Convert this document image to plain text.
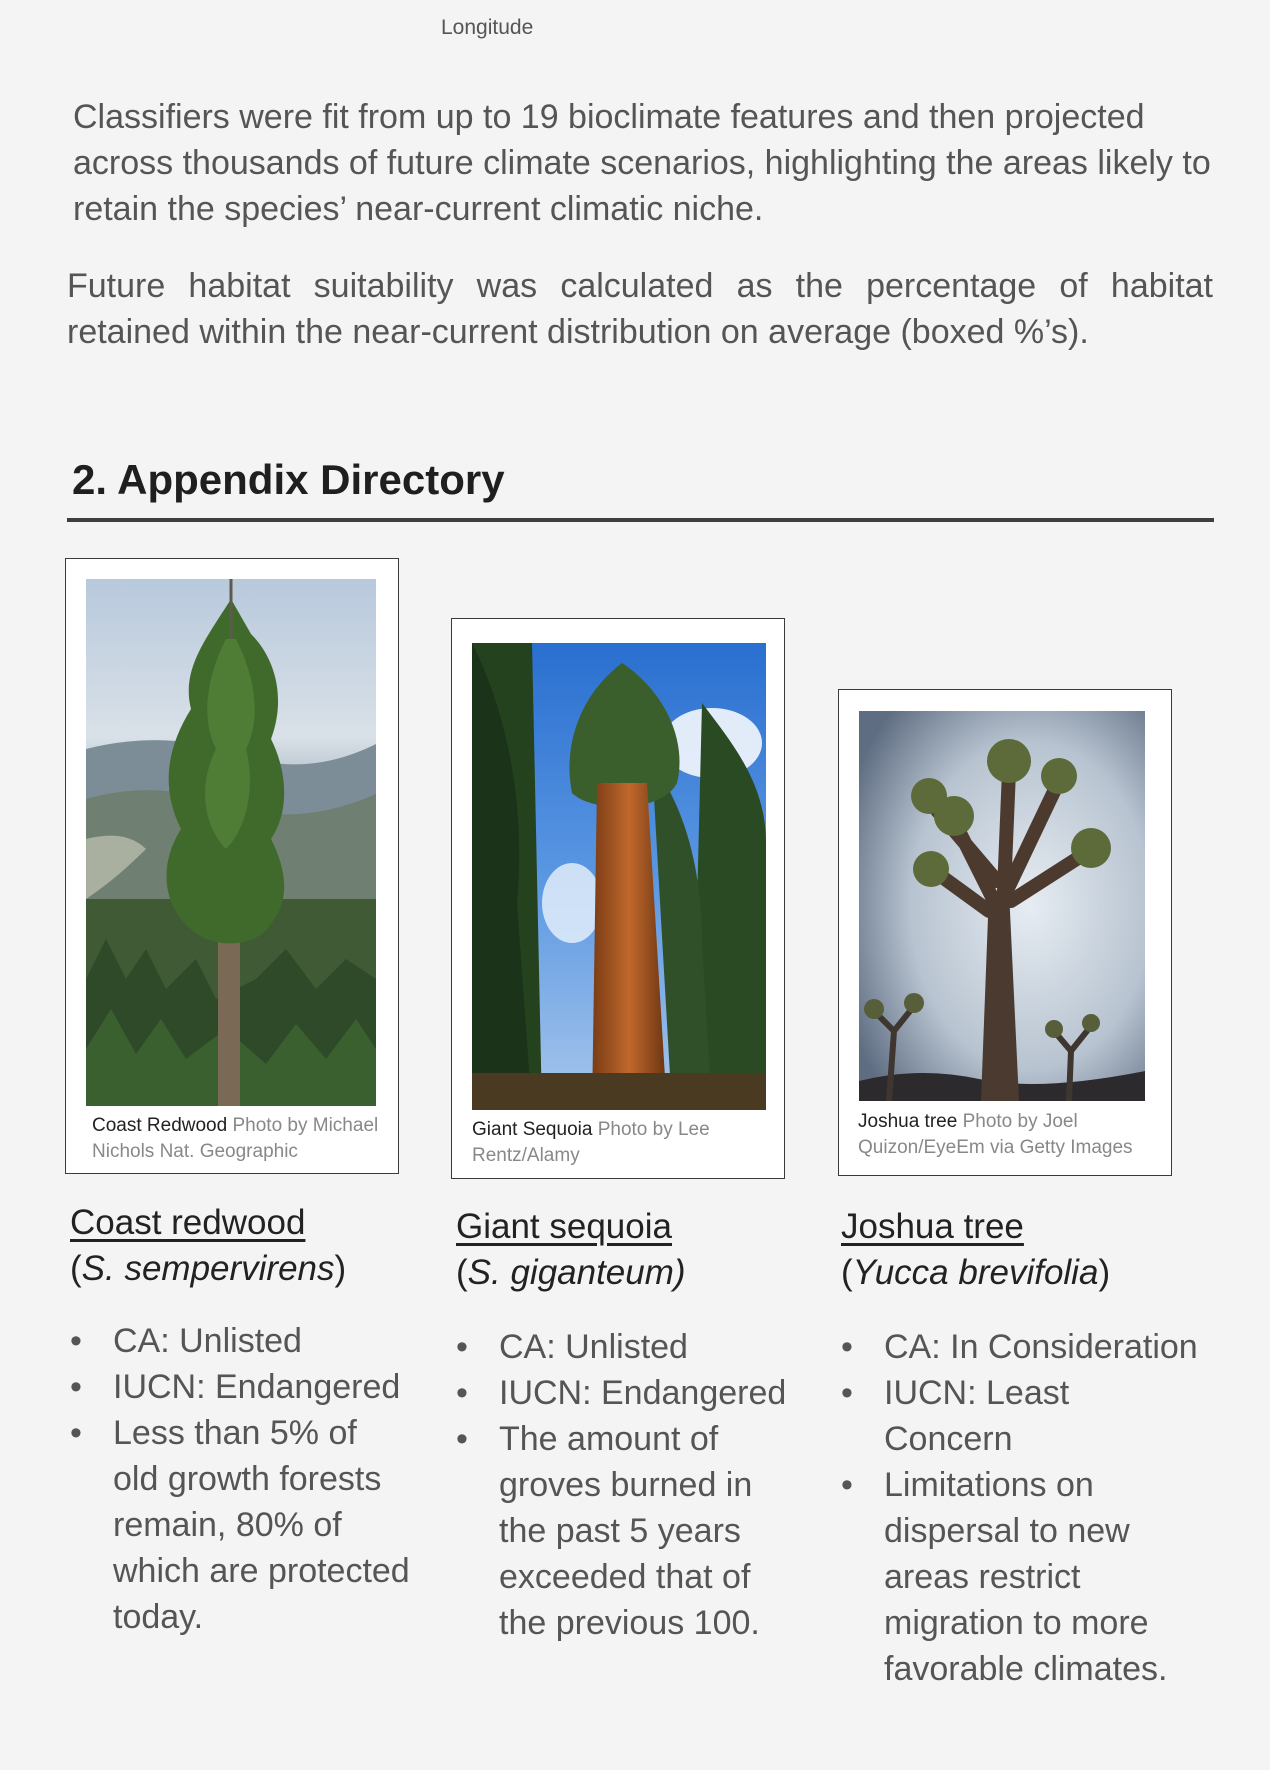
Longitude
Classifiers were fit from up to 19 bioclimate features and then projected across thousands of future climate scenarios, highlighting the areas likely to retain the species’ near-current climatic niche.
Future habitat suitability was calculated as the percentage of habitat retained within the near-current distribution on average (boxed %’s).
2. Appendix Directory
Coast Redwood Photo by Michael Nichols Nat. Geographic
Coast redwood
(S. sempervirens)
• CA: Unlisted
• IUCN: Endangered
• Less than 5% of old growth forests remain, 80% of which are protected today.
Giant Sequoia Photo by Lee Rentz/Alamy
Giant sequoia
(S. giganteum)
• CA: Unlisted
• IUCN: Endangered
• The amount of groves burned in the past 5 years exceeded that of the previous 100.
Joshua tree Photo by Joel Quizon/EyeEm via Getty Images
Joshua tree
(Yucca brevifolia)
• CA: In Consideration
• IUCN: Least Concern
• Limitations on dispersal to new areas restrict migration to more favorable climates.
